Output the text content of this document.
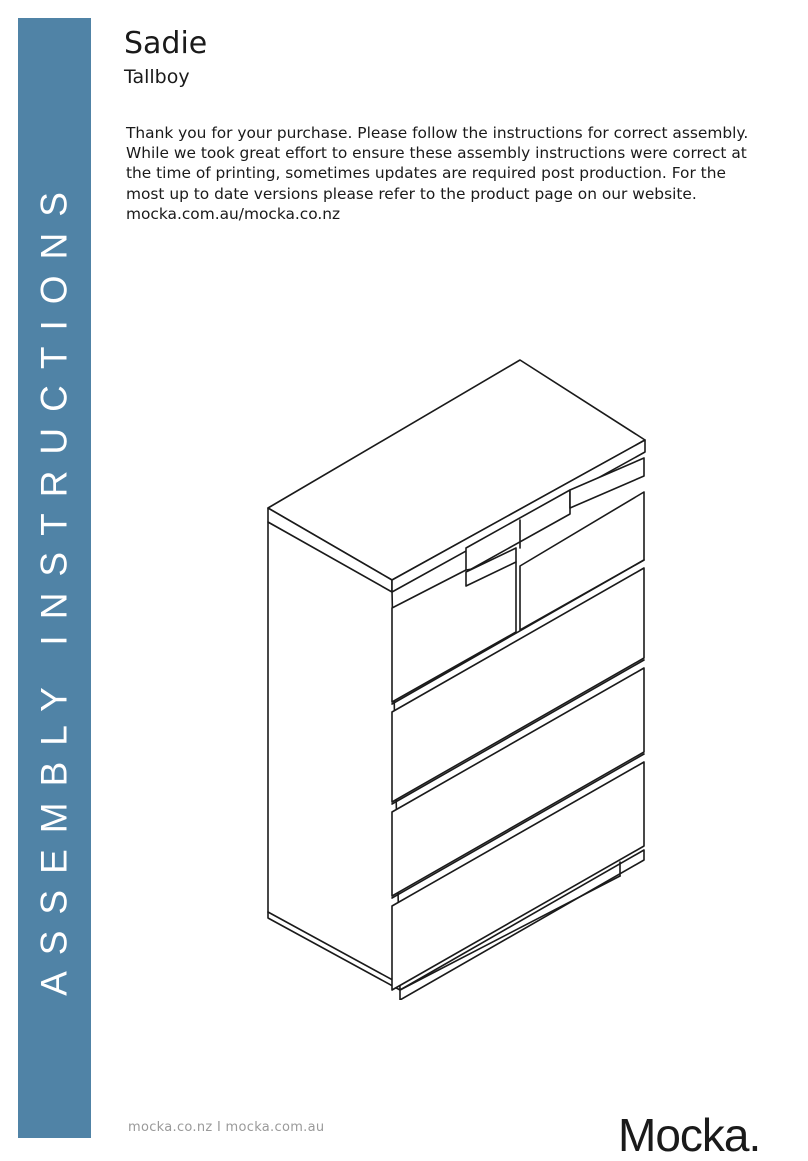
ASSEMBLY INSTRUCTIONS
Sadie
Tallboy

Thank you for your purchase. Please follow the instructions for correct assembly. While we took great effort to ensure these assembly instructions were correct at the time of printing, sometimes updates are required post production. For the most up to date versions please refer to the product page on our website. mocka.com.au/mocka.co.nz

mocka.co.nz I mocka.com.au	Mocka.
